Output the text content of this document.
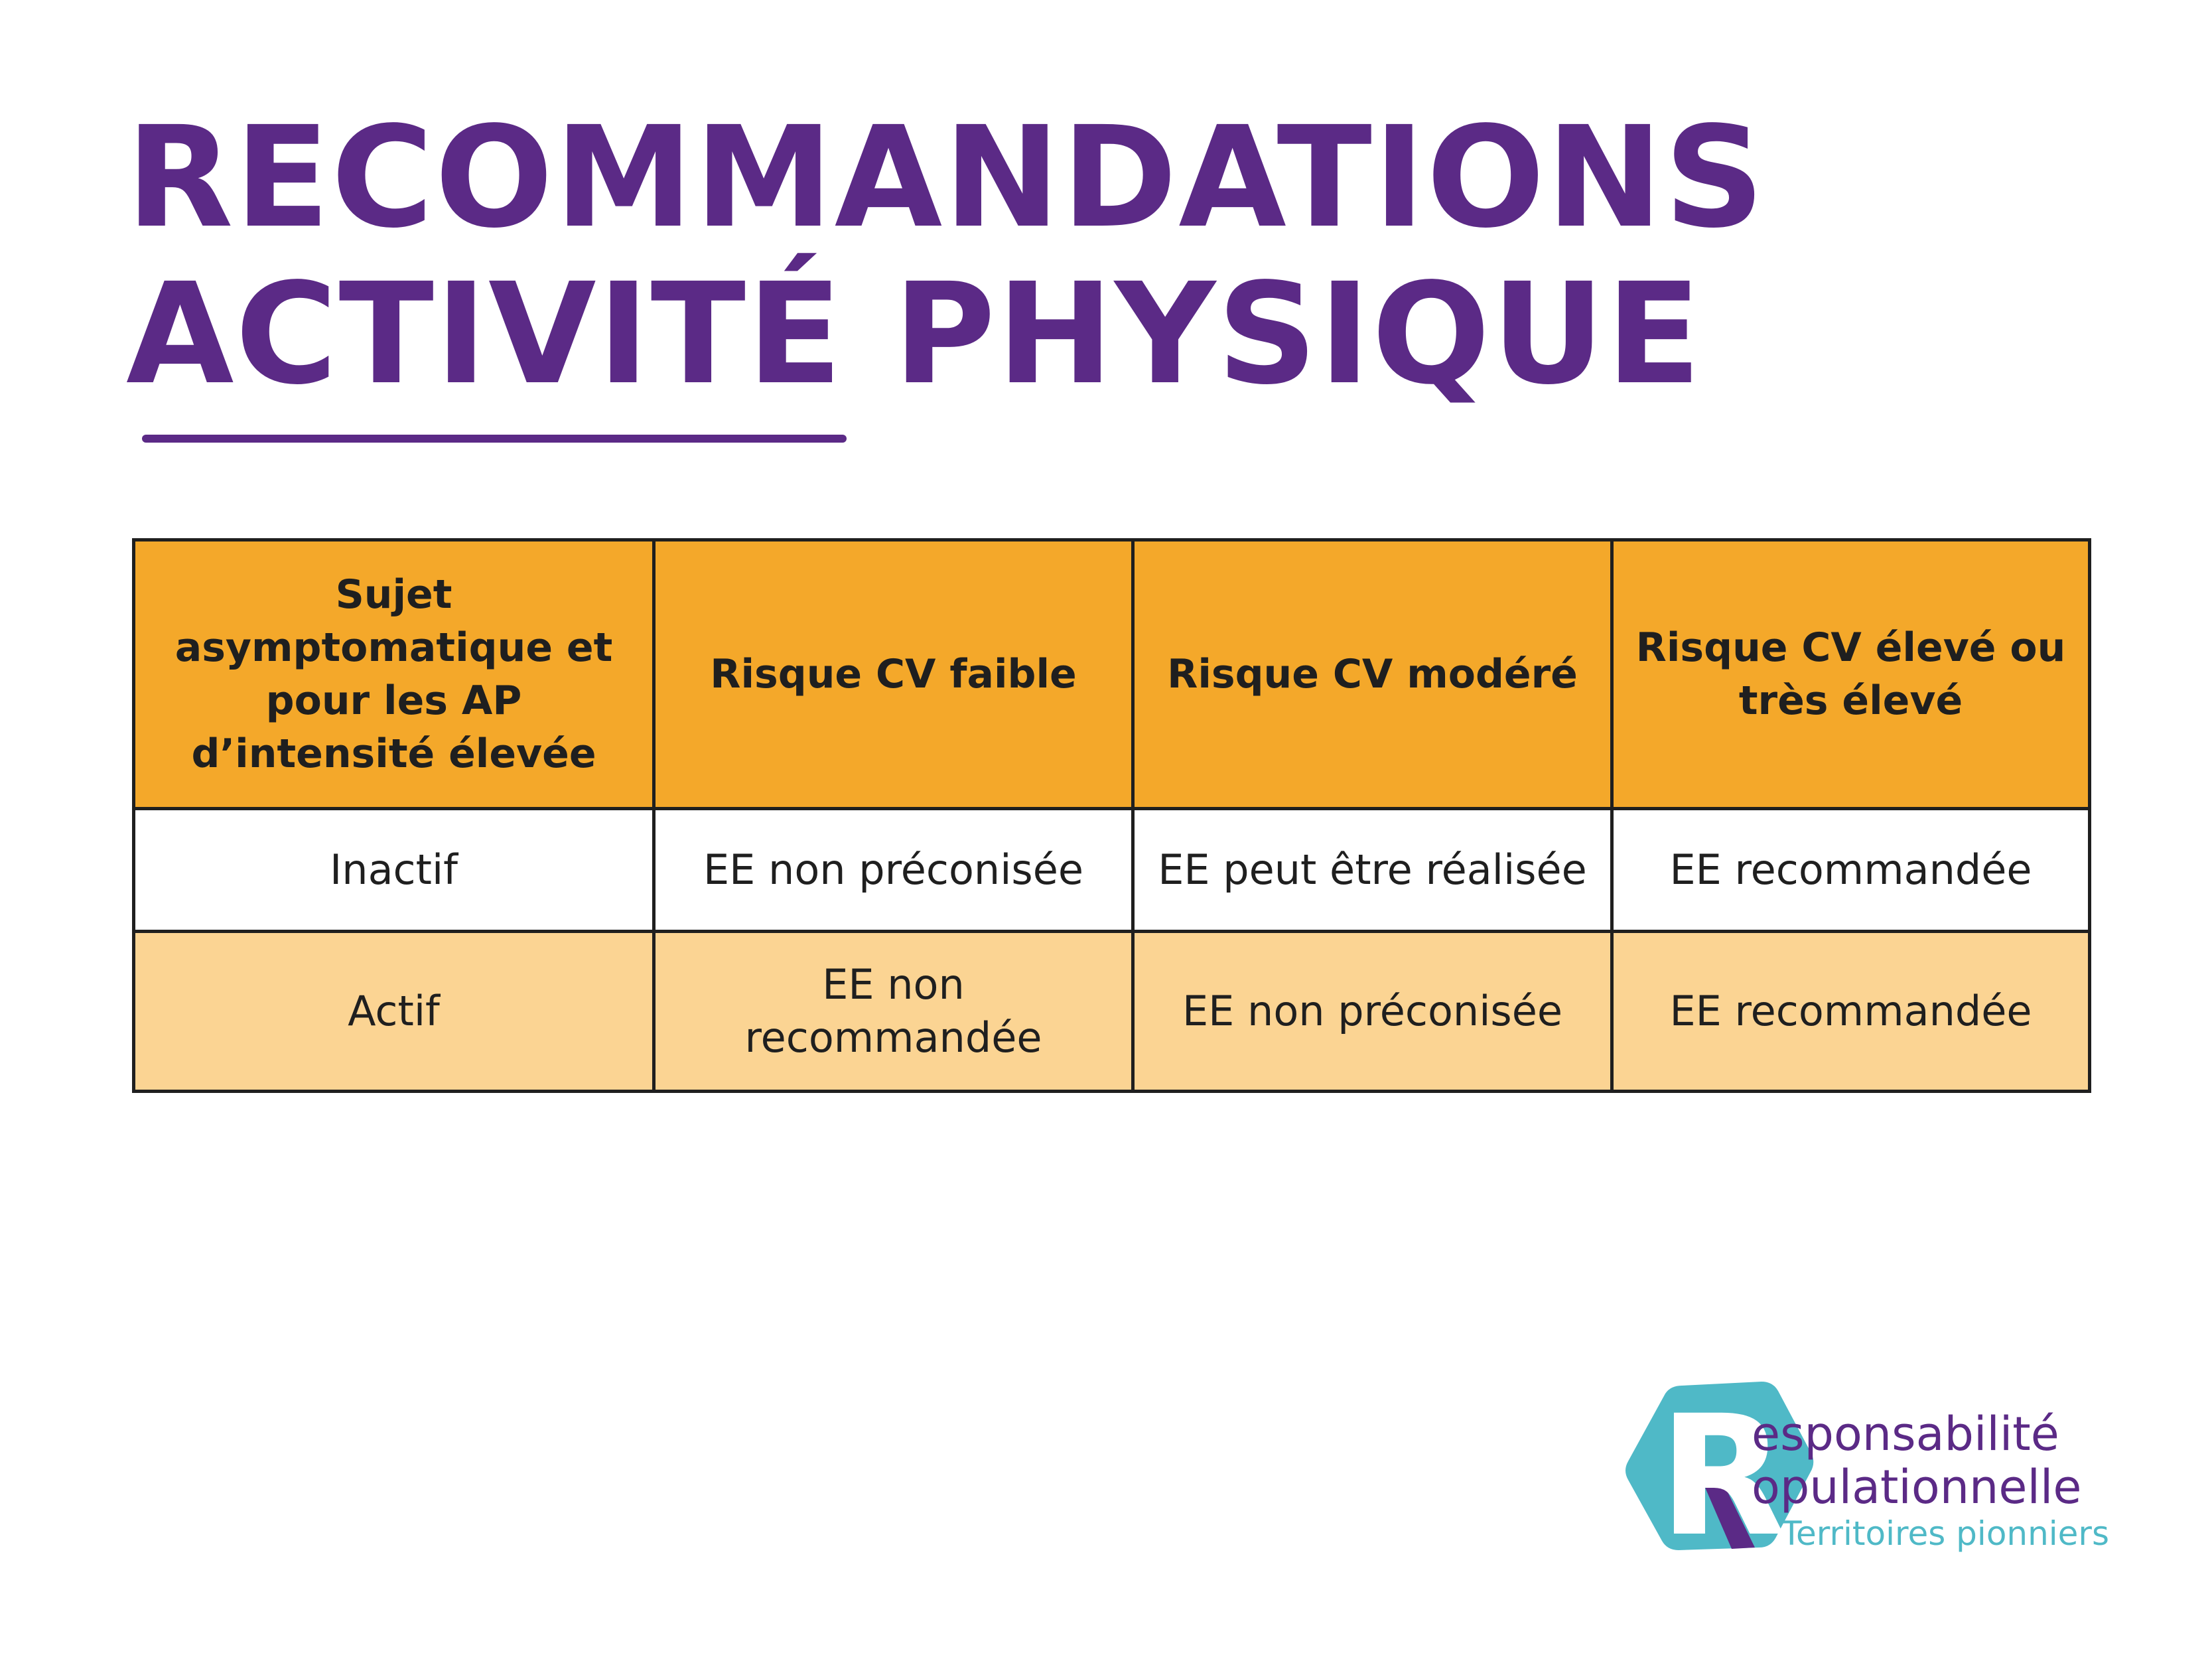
RECOMMANDATIONS
ACTIVITÉ PHYSIQUE
Sujet asymptomatique et pour les AP d’intensité élevée	Risque CV faible	Risque CV modéré	Risque CV élevé ou très élevé
Inactif	EE non préconisée	EE peut être réalisée	EE recommandée
Actif	EE non recommandée	EE non préconisée	EE recommandée
R
esponsabilité
opulationnelle
Territoires pionniers
